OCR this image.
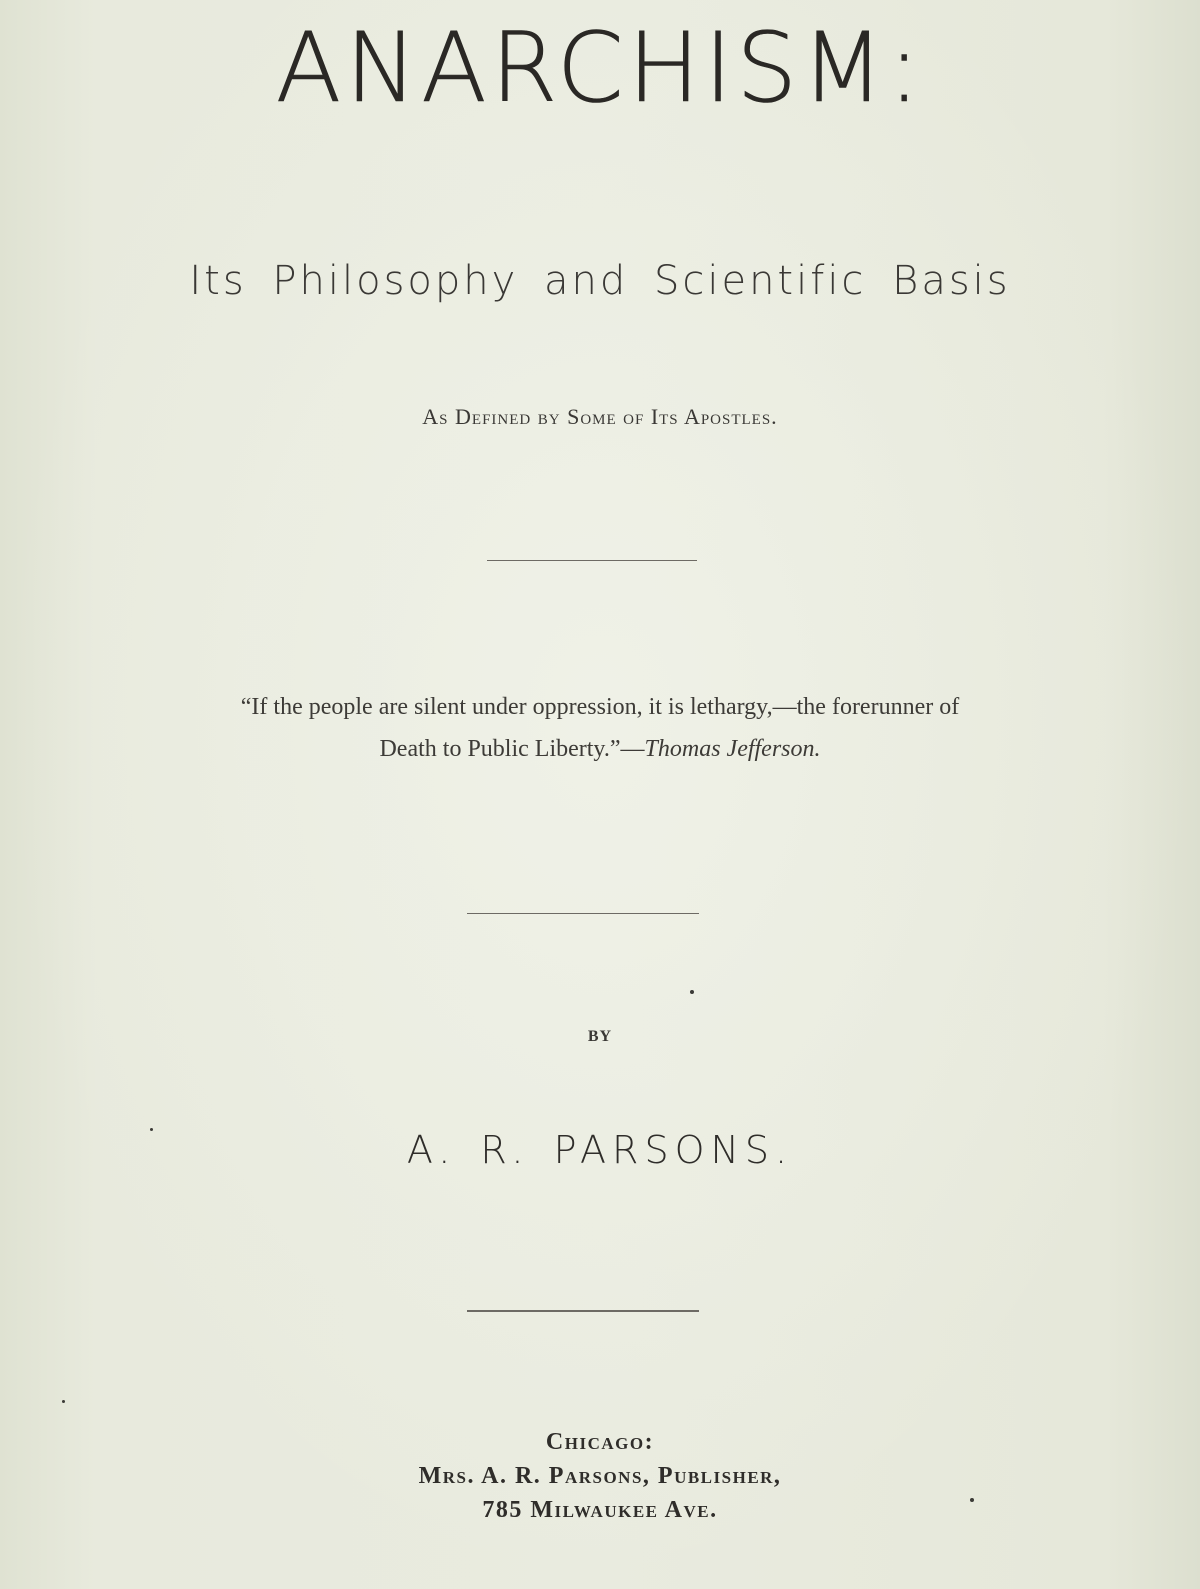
ANARCHISM:
Its Philosophy and Scientific Basis
As Defined by Some of Its Apostles.
“If the people are silent under oppression, it is lethargy,—the forerunner of
Death to Public Liberty.”—Thomas Jefferson.
BY
A. R. PARSONS.
Chicago:
Mrs. A. R. Parsons, Publisher,
785 Milwaukee Ave.
